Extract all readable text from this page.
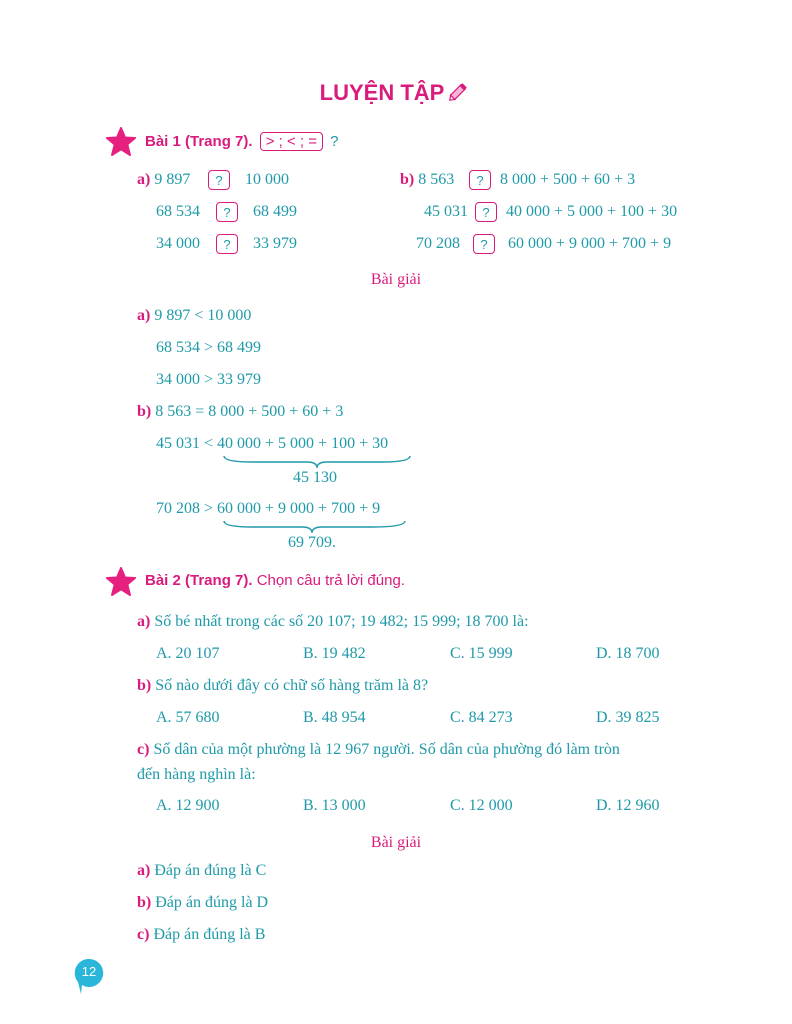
LUYỆN TẬP
Bài 1 (Trang 7). > ; < ; = ?
a) 9 897	?	10 000
68 534	?	68 499
34 000	?	33 979
b) 8 563	?	8 000 + 500 + 60 + 3
45 031	?	40 000 + 5 000 + 100 + 30
70 208	?	60 000 + 9 000 + 700 + 9
Bài giải
a) 9 897 < 10 000
68 534 > 68 499
34 000 > 33 979
b) 8 563 = 8 000 + 500 + 60 + 3
45 031 < 40 000 + 5 000 + 100 + 30
45 130
70 208 > 60 000 + 9 000 + 700 + 9
69 709.
Bài 2 (Trang 7). Chọn câu trả lời đúng.
a) Số bé nhất trong các số 20 107; 19 482; 15 999; 18 700 là:
A. 20 107	B. 19 482	C. 15 999	D. 18 700
b) Số nào dưới đây có chữ số hàng trăm là 8?
A. 57 680	B. 48 954	C. 84 273	D. 39 825
c) Số dân của một phường là 12 967 người. Số dân của phường đó làm tròn
đến hàng nghìn là:
A. 12 900	B. 13 000	C. 12 000	D. 12 960
Bài giải
a) Đáp án đúng là C
b) Đáp án đúng là D
c) Đáp án đúng là B
12
